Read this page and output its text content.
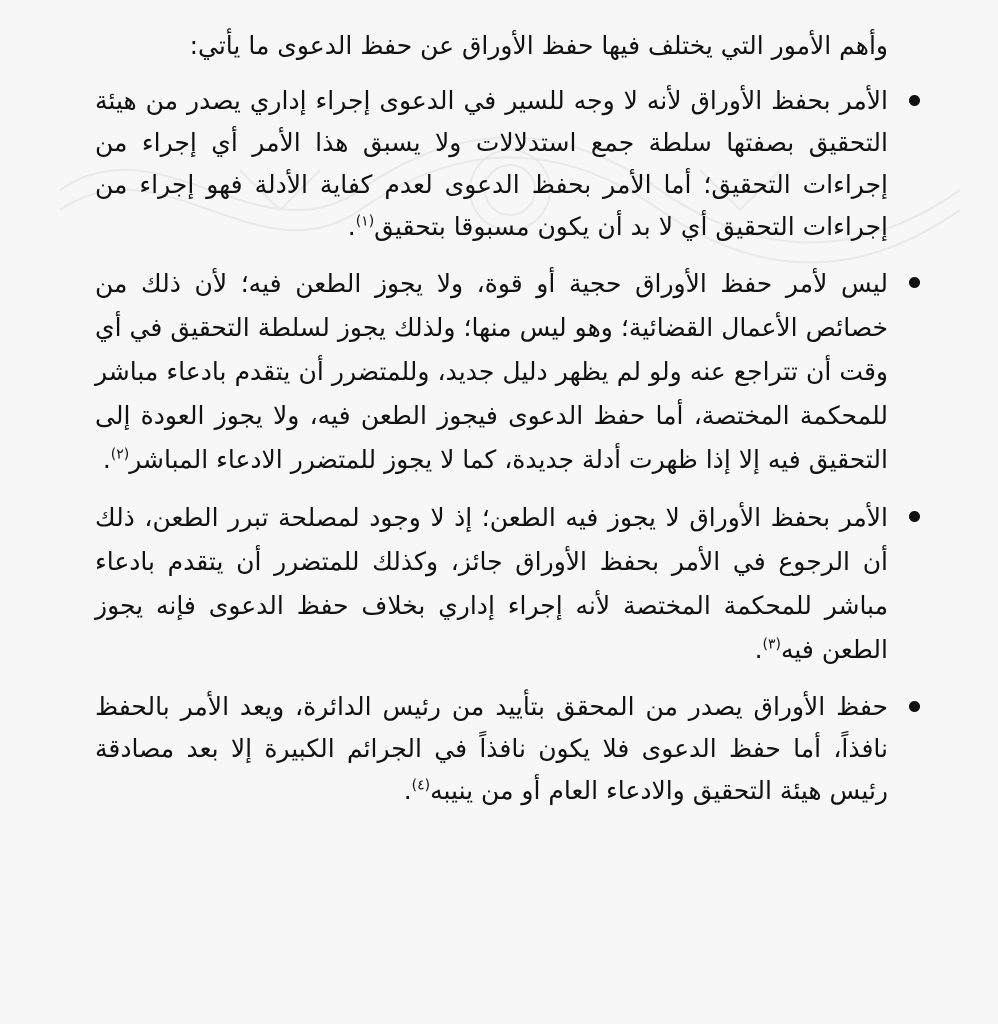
وأهم الأمور التي يختلف فيها حفظ الأوراق عن حفظ الدعوى ما يأتي:

الأمر بحفظ الأوراق لأنه لا وجه للسير في الدعوى إجراء إداري يصدر من هيئة التحقيق بصفتها سلطة جمع استدلالات ولا يسبق هذا الأمر أي إجراء من إجراءات التحقيق؛ أما الأمر بحفظ الدعوى لعدم كفاية الأدلة فهو إجراء من إجراءات التحقيق أي لا بد أن يكون مسبوقا بتحقيق$^{(١)}$.
ليس لأمر حفظ الأوراق حجية أو قوة، ولا يجوز الطعن فيه؛ لأن ذلك من خصائص الأعمال القضائية؛ وهو ليس منها؛ ولذلك يجوز لسلطة التحقيق في أي وقت أن تتراجع عنه ولو لم يظهر دليل جديد، وللمتضرر أن يتقدم بادعاء مباشر للمحكمة المختصة، أما حفظ الدعوى فيجوز الطعن فيه، ولا يجوز العودة إلى التحقيق فيه إلا إذا ظهرت أدلة جديدة، كما لا يجوز للمتضرر الادعاء المباشر$^{(٢)}$.
الأمر بحفظ الأوراق لا يجوز فيه الطعن؛ إذ لا وجود لمصلحة تبرر الطعن، ذلك أن الرجوع في الأمر بحفظ الأوراق جائز، وكذلك للمتضرر أن يتقدم بادعاء مباشر للمحكمة المختصة لأنه إجراء إداري بخلاف حفظ الدعوى فإنه يجوز الطعن فيه$^{(٣)}$.
حفظ الأوراق يصدر من المحقق بتأييد من رئيس الدائرة، ويعد الأمر بالحفظ نافذاً، أما حفظ الدعوى فلا يكون نافذاً في الجرائم الكبيرة إلا بعد مصادقة رئيس هيئة التحقيق والادعاء العام أو من ينيبه$^{(٤)}$.
